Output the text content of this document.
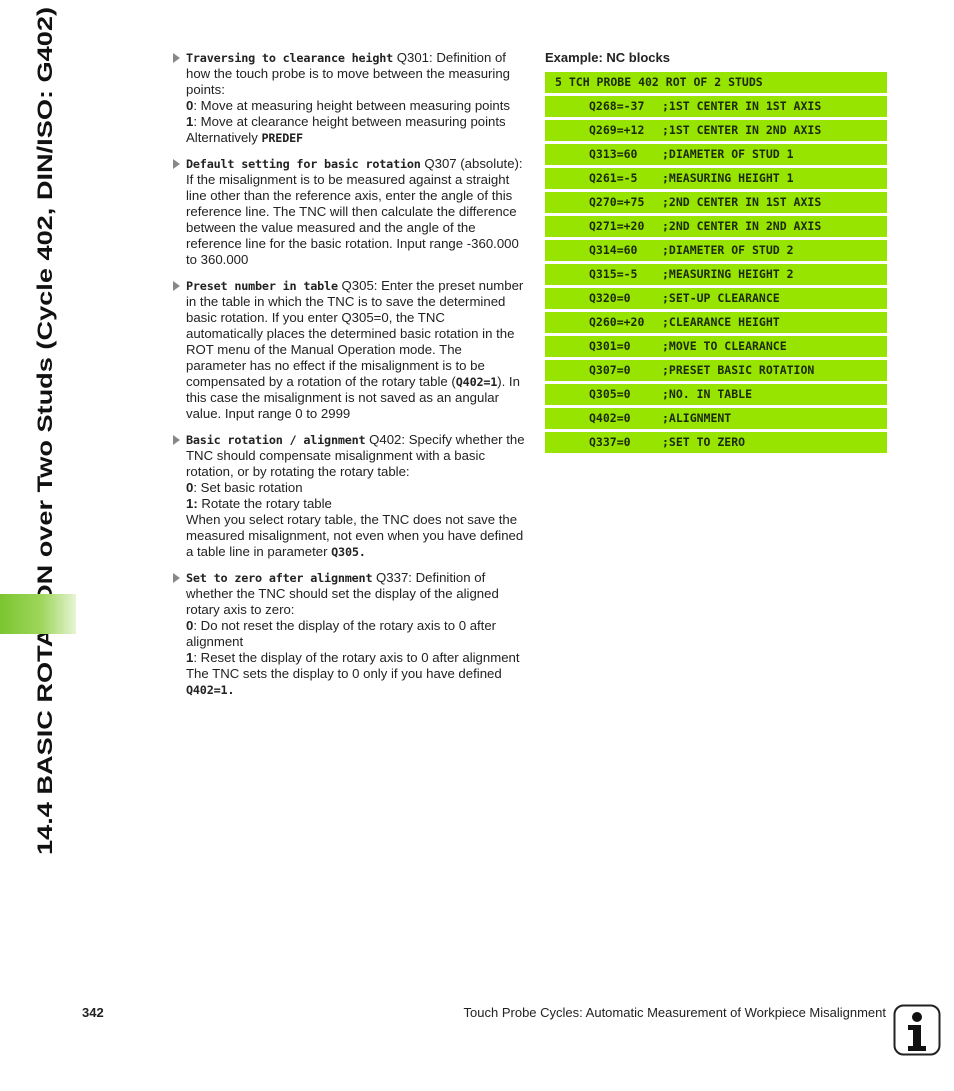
14.4 BASIC ROTATION over Two Studs (Cycle 402, DIN/ISO: G402)
Traversing to clearance height Q301: Definition of how the touch probe is to move between the measuring points:
0: Move at measuring height between measuring points
1: Move at clearance height between measuring points
Alternatively PREDEF
Default setting for basic rotation Q307 (absolute): If the misalignment is to be measured against a straight line other than the reference axis, enter the angle of this reference line. The TNC will then calculate the difference between the value measured and the angle of the reference line for the basic rotation. Input range -360.000 to 360.000
Preset number in table Q305: Enter the preset number in the table in which the TNC is to save the determined basic rotation. If you enter Q305=0, the TNC automatically places the determined basic rotation in the ROT menu of the Manual Operation mode. The parameter has no effect if the misalignment is to be compensated by a rotation of the rotary table (Q402=1). In this case the misalignment is not saved as an angular value. Input range 0 to 2999
Basic rotation / alignment Q402: Specify whether the TNC should compensate misalignment with a basic rotation, or by rotating the rotary table:
0: Set basic rotation
1: Rotate the rotary table
When you select rotary table, the TNC does not save the measured misalignment, not even when you have defined a table line in parameter Q305.
Set to zero after alignment Q337: Definition of whether the TNC should set the display of the aligned rotary axis to zero:
0: Do not reset the display of the rotary axis to 0 after alignment
1: Reset the display of the rotary axis to 0 after alignment
The TNC sets the display to 0 only if you have defined Q402=1.
Example: NC blocks
5 TCH PROBE 402 ROT OF 2 STUDS
Q268=-37 ;1ST CENTER IN 1ST AXIS
Q269=+12 ;1ST CENTER IN 2ND AXIS
Q313=60 ;DIAMETER OF STUD 1
Q261=-5 ;MEASURING HEIGHT 1
Q270=+75 ;2ND CENTER IN 1ST AXIS
Q271=+20 ;2ND CENTER IN 2ND AXIS
Q314=60 ;DIAMETER OF STUD 2
Q315=-5 ;MEASURING HEIGHT 2
Q320=0	;SET-UP CLEARANCE
Q260=+20 ;CLEARANCE HEIGHT
Q301=0	;MOVE TO CLEARANCE
Q307=0	;PRESET BASIC ROTATION
Q305=0	;NO. IN TABLE
Q402=0	;ALIGNMENT
Q337=0	;SET TO ZERO
342	Touch Probe Cycles: Automatic Measurement of Workpiece Misalignment
